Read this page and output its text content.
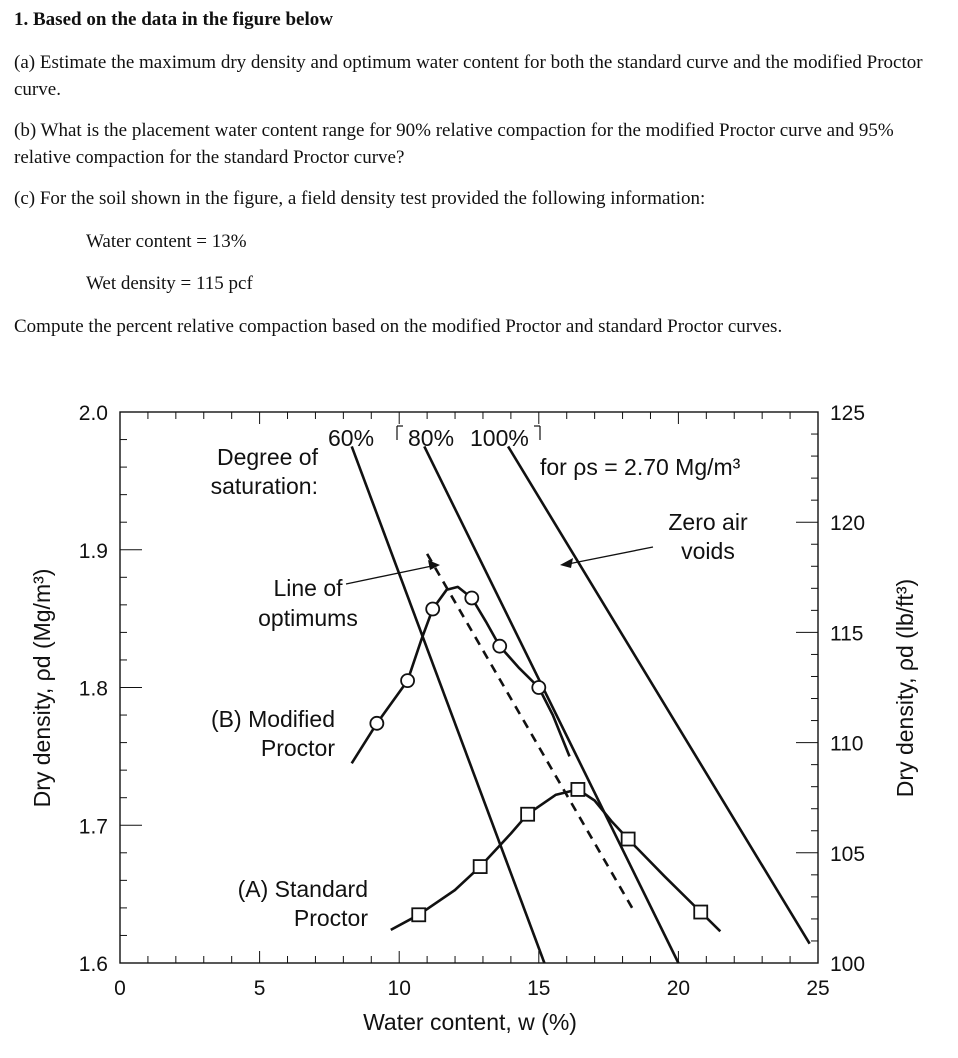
1. Based on the data in the figure below

(a) Estimate the maximum dry density and optimum water content for both the standard curve and the modified Proctor curve.

(b) What is the placement water content range for 90% relative compaction for the modified Proctor curve and 95% relative compaction for the standard Proctor curve?

(c) For the soil shown in the figure, a field density test provided the following information:
Water content = 13%
Wet density = 115 pcf
Compute the percent relative compaction based on the modified Proctor and standard Proctor curves.
0	5	10	15	20	25
1.6
1.7
1.8
1.9
2.0
100
105
110
115
120
125
Water content, w (%)
Dry density, ρd (Mg/m³)	Dry density, ρd (lb/ft³)
60% 80% 100%
Degree of saturation:
for ρs = 2.70 Mg/m³
Zero air voids
Line of optimums
(B) Modified Proctor
(A) Standard Proctor
